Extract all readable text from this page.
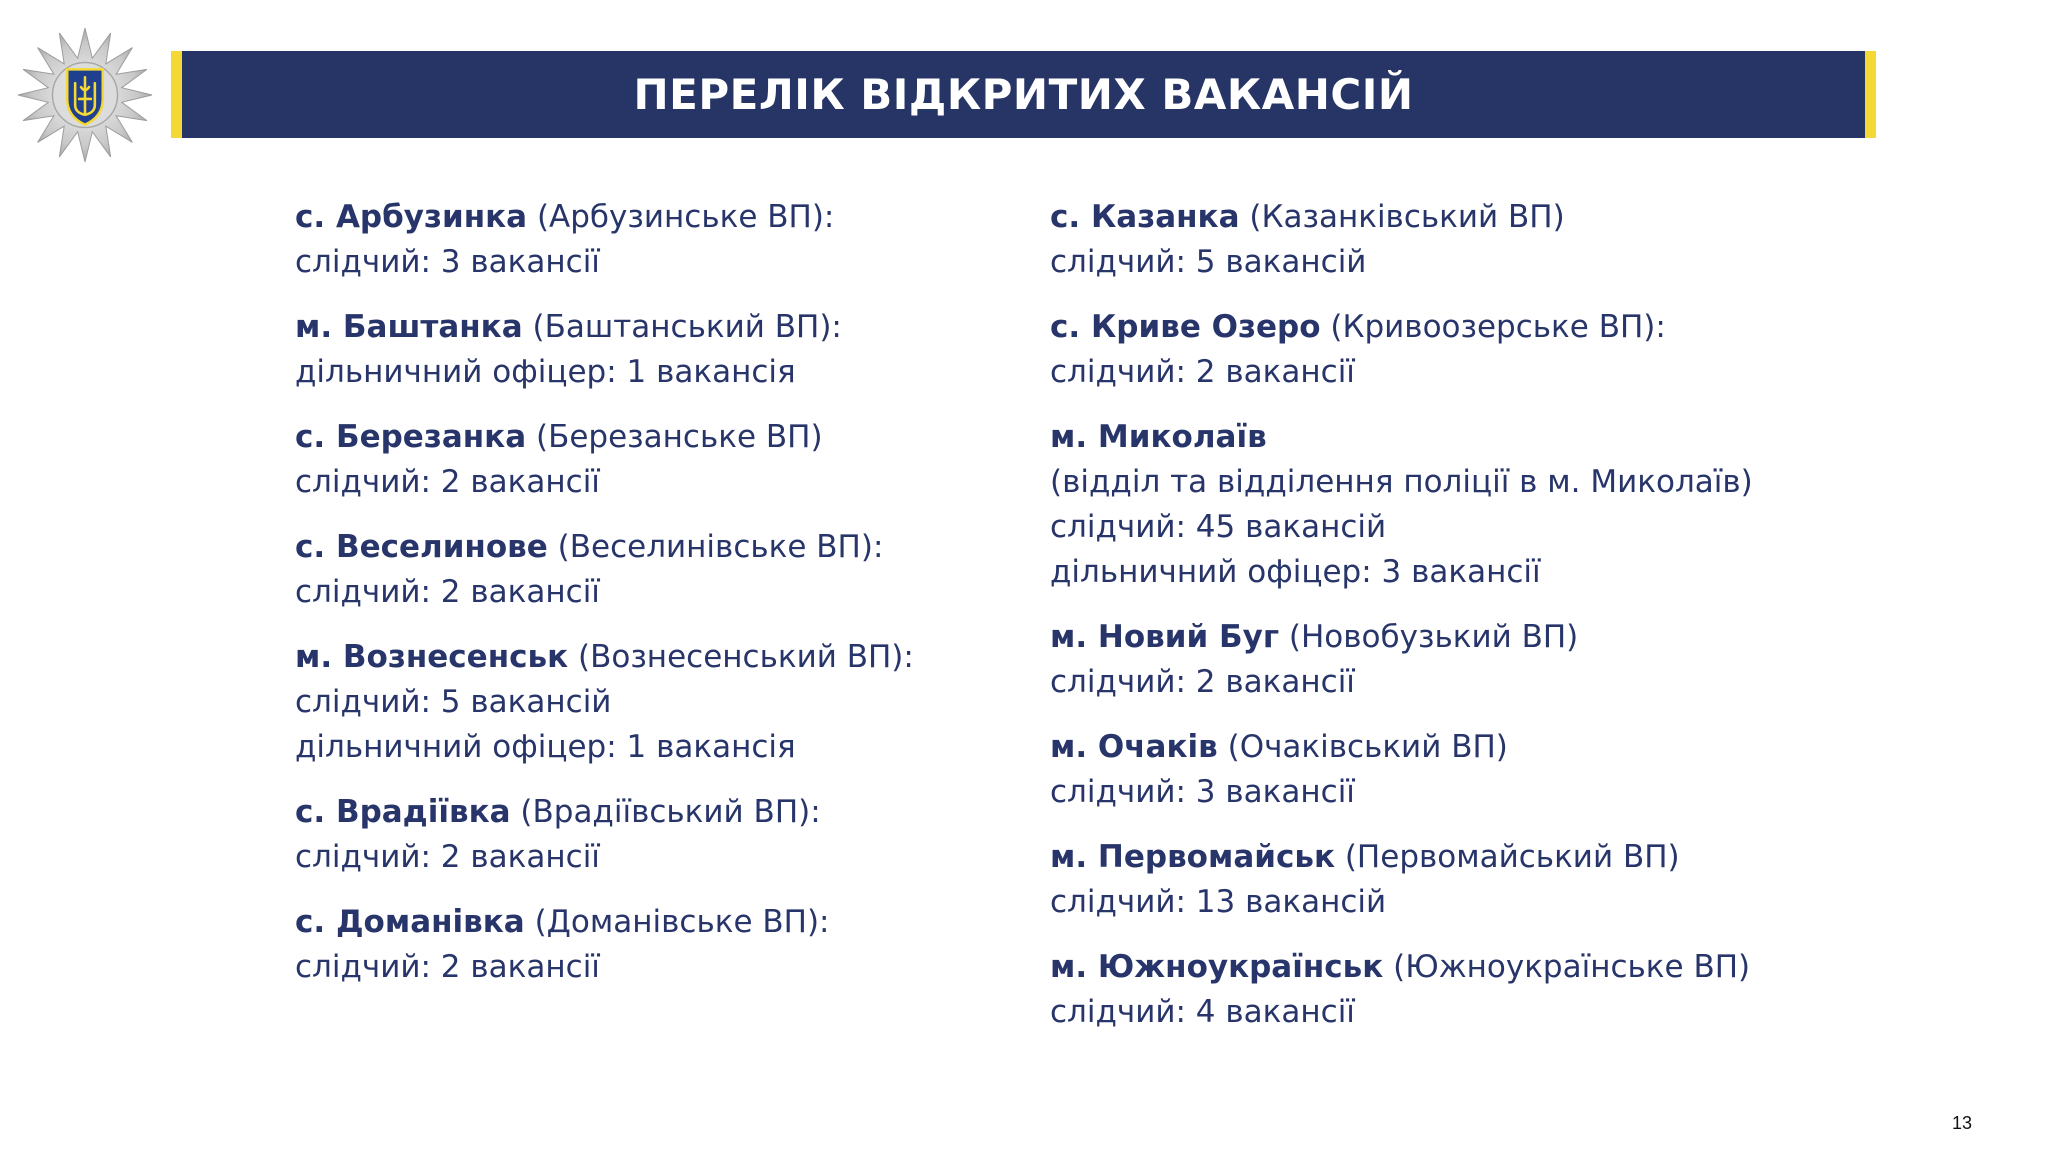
ПЕРЕЛІК ВІДКРИТИХ ВАКАНСІЙ
с. Арбузинка (Арбузинське ВП):
слідчий: 3 вакансії
м. Баштанка (Баштанський ВП):
дільничний офіцер: 1 вакансія
с. Березанка (Березанське ВП)
слідчий: 2 вакансії
с. Веселинове (Веселинівське ВП):
слідчий: 2 вакансії
м. Вознесенськ (Вознесенський ВП):
слідчий: 5 вакансій
дільничний офіцер: 1 вакансія
с. Врадіївка (Врадіївський ВП):
слідчий: 2 вакансії
с. Доманівка (Доманівське ВП):
слідчий: 2 вакансії
с. Казанка (Казанківський ВП)
слідчий: 5 вакансій
с. Криве Озеро (Кривоозерське ВП):
слідчий: 2 вакансії
м. Миколаїв
(відділ та відділення поліції в м. Миколаїв)
слідчий: 45 вакансій
дільничний офіцер: 3 вакансії
м. Новий Буг (Новобузький ВП)
слідчий: 2 вакансії
м. Очаків (Очаківський ВП)
слідчий: 3 вакансії
м. Первомайськ (Первомайський ВП)
слідчий: 13 вакансій
м. Южноукраїнськ (Южноукраїнське ВП)
слідчий: 4 вакансії
13
